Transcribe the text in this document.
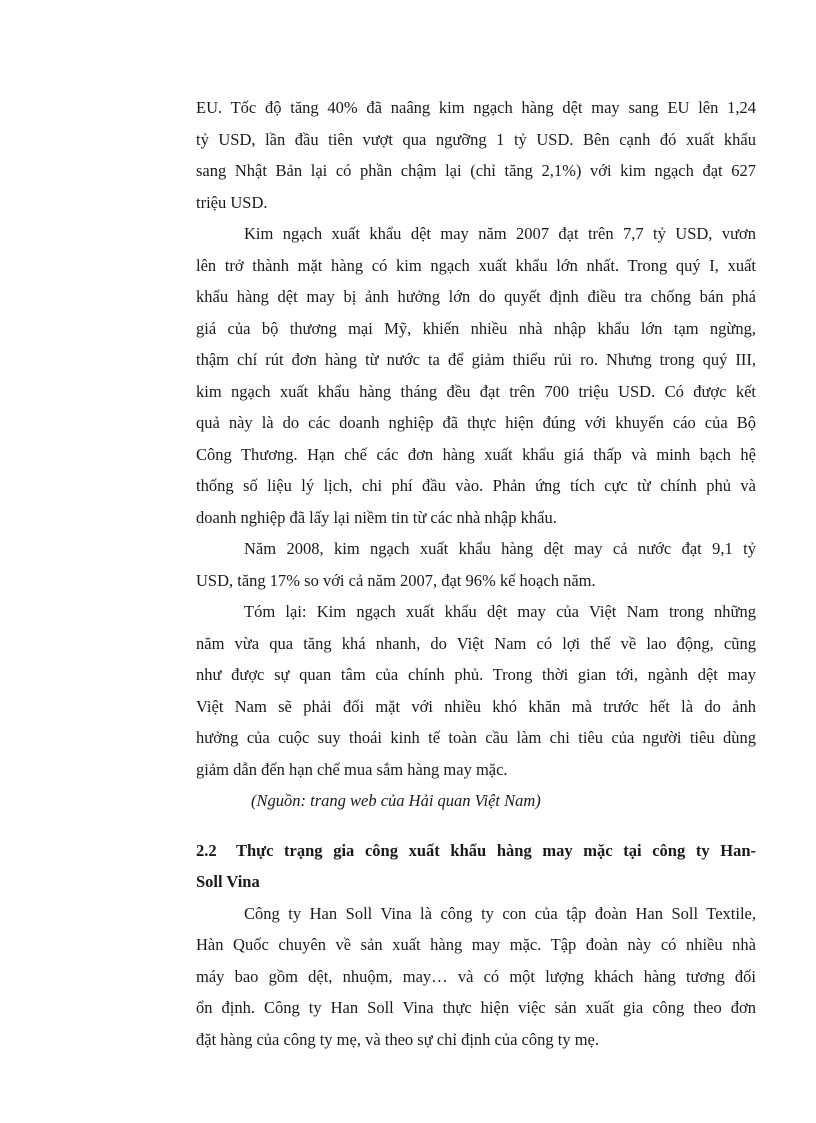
EU. Tốc độ tăng 40% đã naâng kim ngạch hàng dệt may sang EU lên 1,24
tỷ USD, lần đầu tiên vượt qua ngưỡng 1 tỷ USD. Bên cạnh đó xuất khẩu
sang Nhật Bản lại có phần chậm lại (chỉ tăng 2,1%) với kim ngạch đạt 627
triệu USD.
Kim ngạch xuất khẩu dệt may năm 2007 đạt trên 7,7 tỷ USD, vươn
lên trở thành mặt hàng có kim ngạch xuất khẩu lớn nhất. Trong quý I, xuất
khẩu hàng dệt may bị ảnh hưởng lớn do quyết định điều tra chống bán phá
giá của bộ thương mại Mỹ, khiến nhiều nhà nhập khẩu lớn tạm ngừng,
thậm chí rút đơn hàng từ nước ta để giảm thiểu rủi ro. Nhưng trong quý III,
kim ngạch xuất khẩu hàng tháng đều đạt trên 700 triệu USD. Có được kết
quả này là do các doanh nghiệp đã thực hiện đúng với khuyến cáo của Bộ
Công Thương. Hạn chế các đơn hàng xuất khẩu giá thấp và minh bạch hệ
thống số liệu lý lịch, chi phí đầu vào. Phản ứng tích cực từ chính phủ và
doanh nghiệp đã lấy lại niềm tin từ các nhà nhập khẩu.
Năm 2008, kim ngạch xuất khẩu hàng dệt may cả nước đạt 9,1 tỷ
USD, tăng 17% so với cả năm 2007, đạt 96% kế hoạch năm.
Tóm lại: Kim ngạch xuất khẩu dệt may của Việt Nam trong những
năm vừa qua tăng khá nhanh, do Việt Nam có lợi thế về lao động, cũng
như được sự quan tâm của chính phủ. Trong thời gian tới, ngành dệt may
Việt Nam sẽ phải đối mặt với nhiều khó khăn mà trước hết là do ảnh
hưởng của cuộc suy thoái kinh tế toàn cầu làm chi tiêu của người tiêu dùng
giảm dẫn đến hạn chế mua sắm hàng may mặc.
(Nguồn: trang web của Hải quan Việt Nam)
2.2 Thực trạng gia công xuất khẩu hàng may mặc tại công ty Han-
Soll Vina
Công ty Han Soll Vina là công ty con của tập đoàn Han Soll Textile,
Hàn Quốc chuyên về sản xuất hàng may mặc. Tập đoàn này có nhiều nhà
máy bao gồm dệt, nhuộm, may… và có một lượng khách hàng tương đối
ổn định. Công ty Han Soll Vina thực hiện việc sản xuất gia công theo đơn
đặt hàng của công ty mẹ, và theo sự chỉ định của công ty mẹ.
